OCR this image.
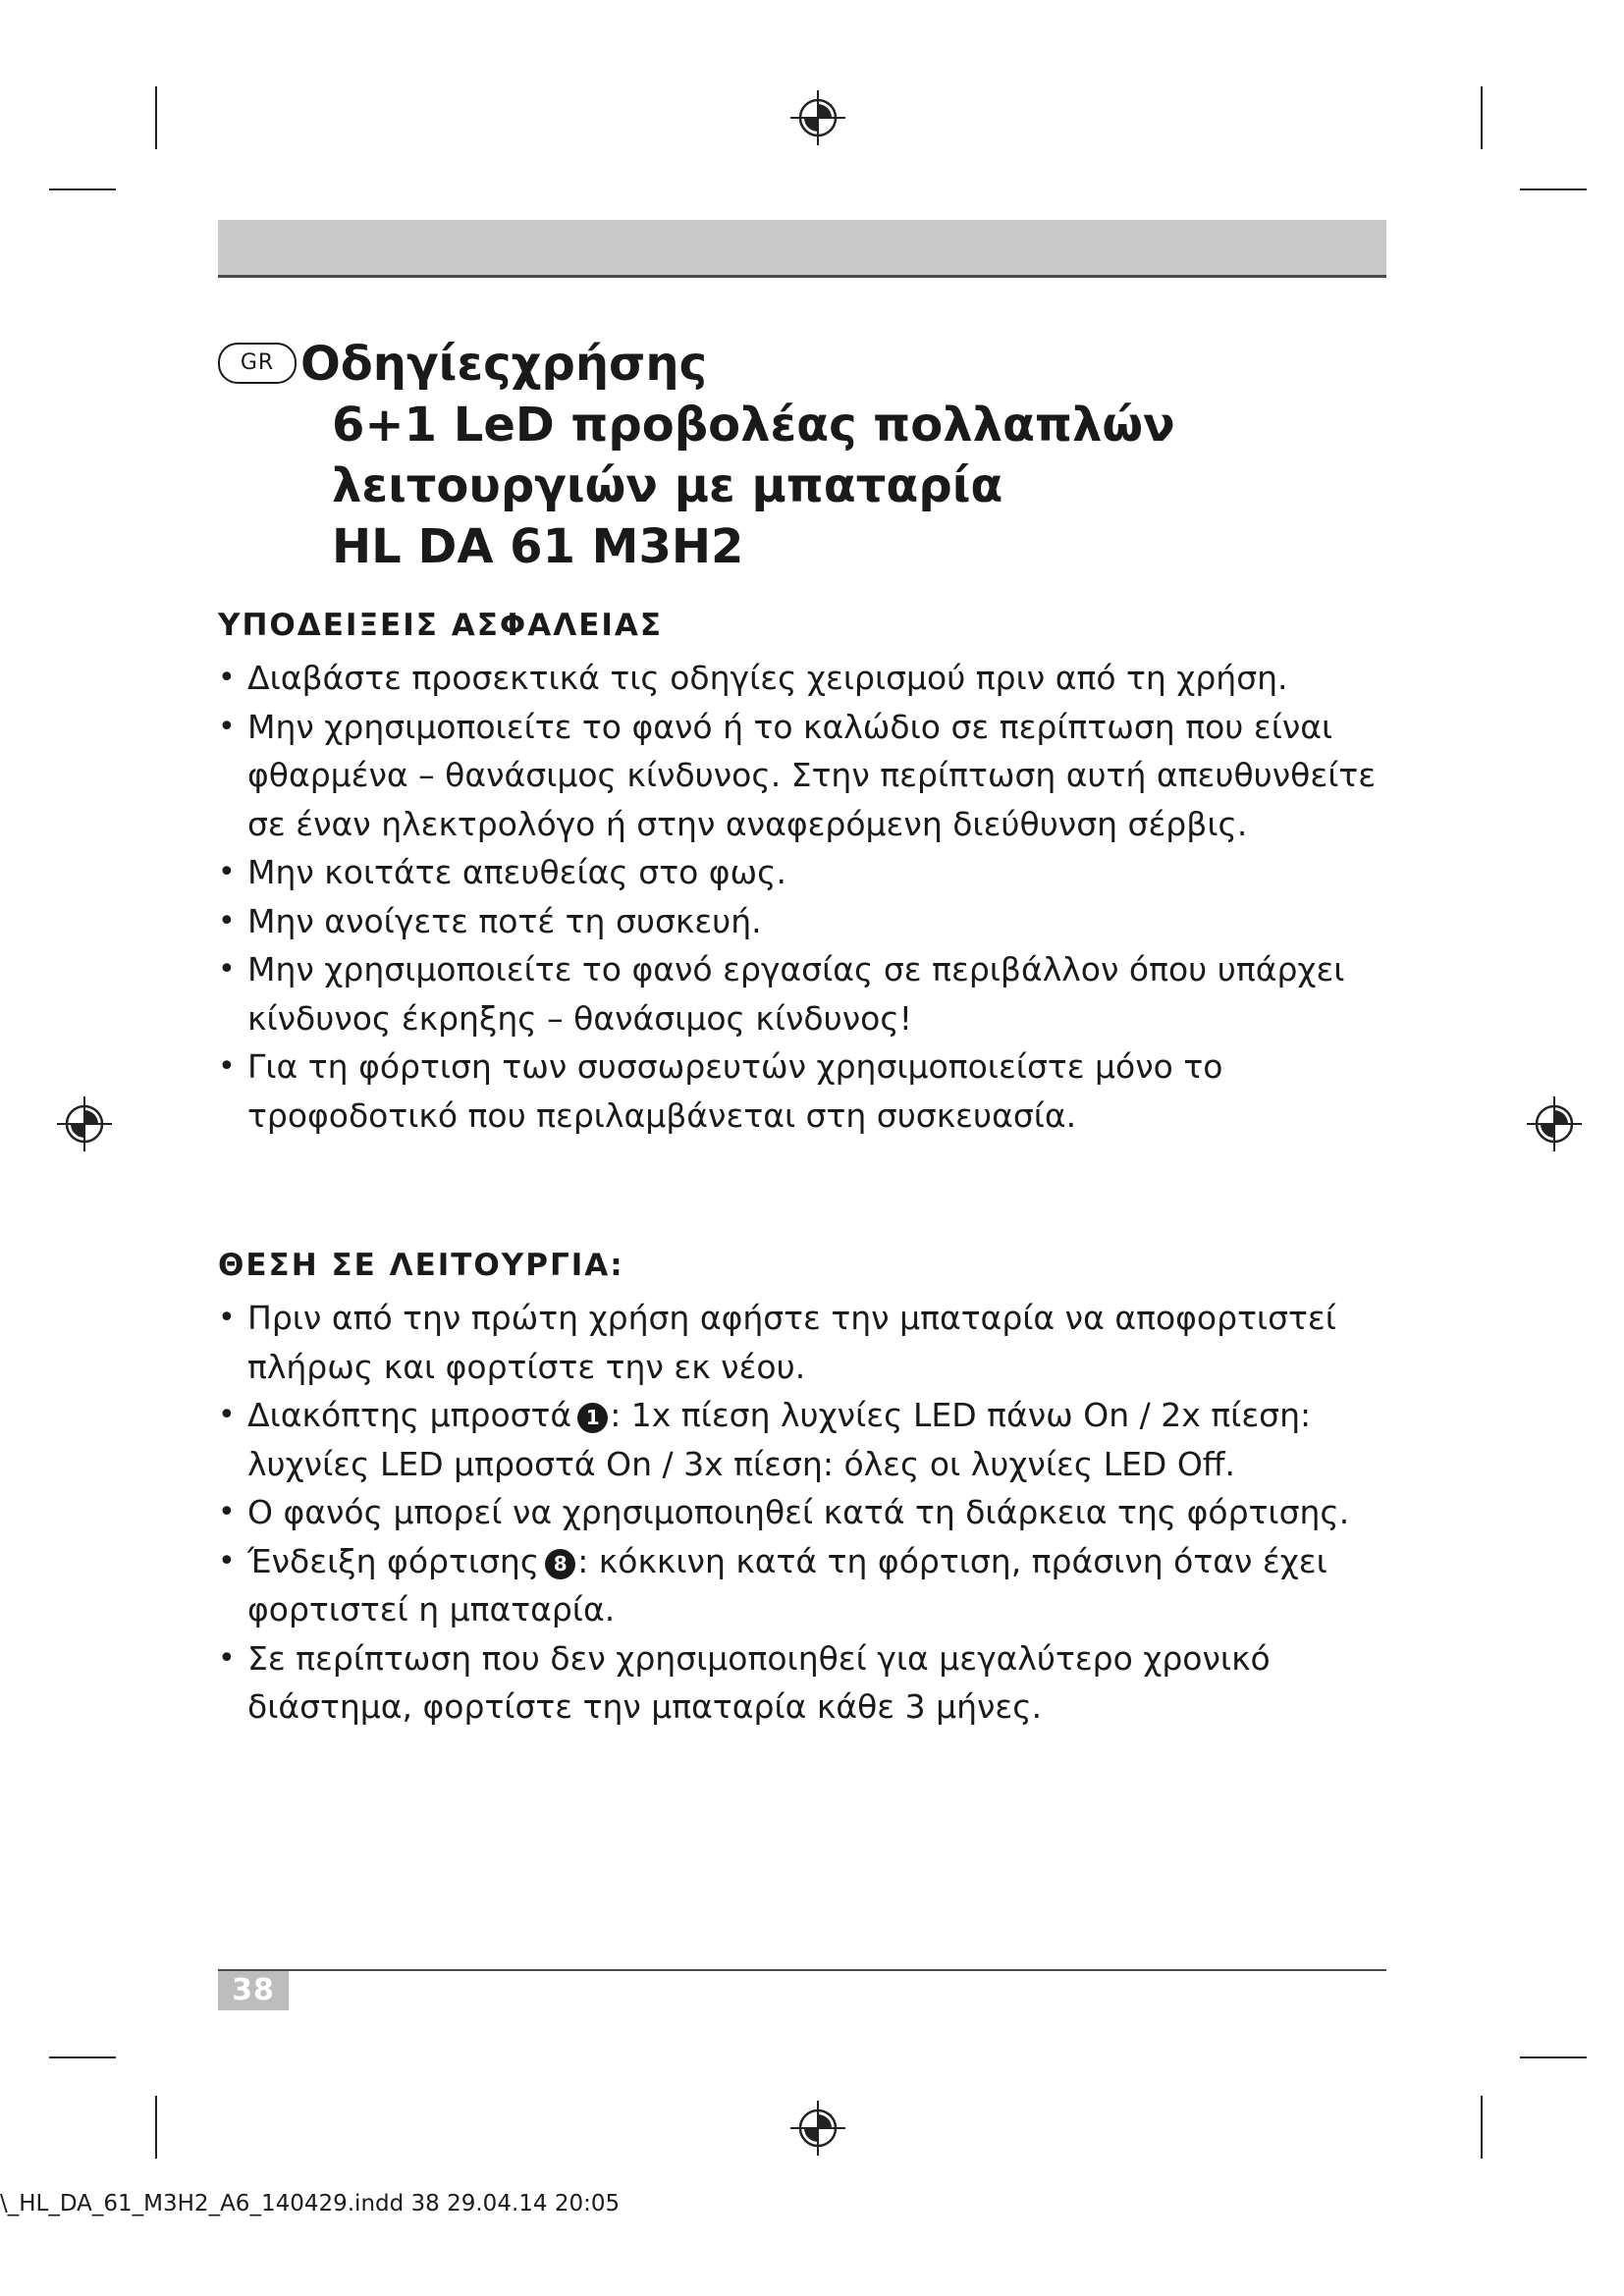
GR Οδηγίεςχρήσης
6+1 LeD προβολέας πολλαπλών
λειτουργιών με μπαταρία
HL DA 61 M3H2
ΥΠΟΔΕΙΞΕΙΣ ΑΣΦΑΛΕΙΑΣ
• Διαβάστε προσεκτικά τις οδηγίες χειρισμού πριν από τη χρήση.
• Μην χρησιμοποιείτε το φανό ή το καλώδιο σε περίπτωση που είναι φθαρμένα – θανάσιμος κίνδυνος. Στην περίπτωση αυτή απευθυνθείτε σε έναν ηλεκτρολόγο ή στην αναφερόμενη διεύθυνση σέρβις.
• Μην κοιτάτε απευθείας στο φως.
• Μην ανοίγετε ποτέ τη συσκευή.
• Μην χρησιμοποιείτε το φανό εργασίας σε περιβάλλον όπου υπάρχει κίνδυνος έκρηξης – θανάσιμος κίνδυνος!
• Για τη φόρτιση των συσσωρευτών χρησιμοποιείστε μόνο το τροφοδοτικό που περιλαμβάνεται στη συσκευασία.
ΘΕΣΗ ΣΕ ΛΕΙΤΟΥΡΓΙΑ:
• Πριν από την πρώτη χρήση αφήστε την μπαταρία να αποφορτιστεί πλήρως και φορτίστε την εκ νέου.
• Διακόπτης μπροστά 1 : 1x πίεση λυχνίες LED πάνω On / 2x πίεση: λυχνίες LED μπροστά On / 3x πίεση: όλες οι λυχνίες LED Off.
• Ο φανός μπορεί να χρησιμοποιηθεί κατά τη διάρκεια της φόρτισης.
• Ένδειξη φόρτισης 8 : κόκκινη κατά τη φόρτιση, πράσινη όταν έχει φορτιστεί η μπαταρία.
• Σε περίπτωση που δεν χρησιμοποιηθεί για μεγαλύτερο χρονικό διάστημα, φορτίστε την μπαταρία κάθε 3 μήνες.
38
\_HL_DA_61_M3H2_A6_140429.indd 38 29.04.14 20:05
